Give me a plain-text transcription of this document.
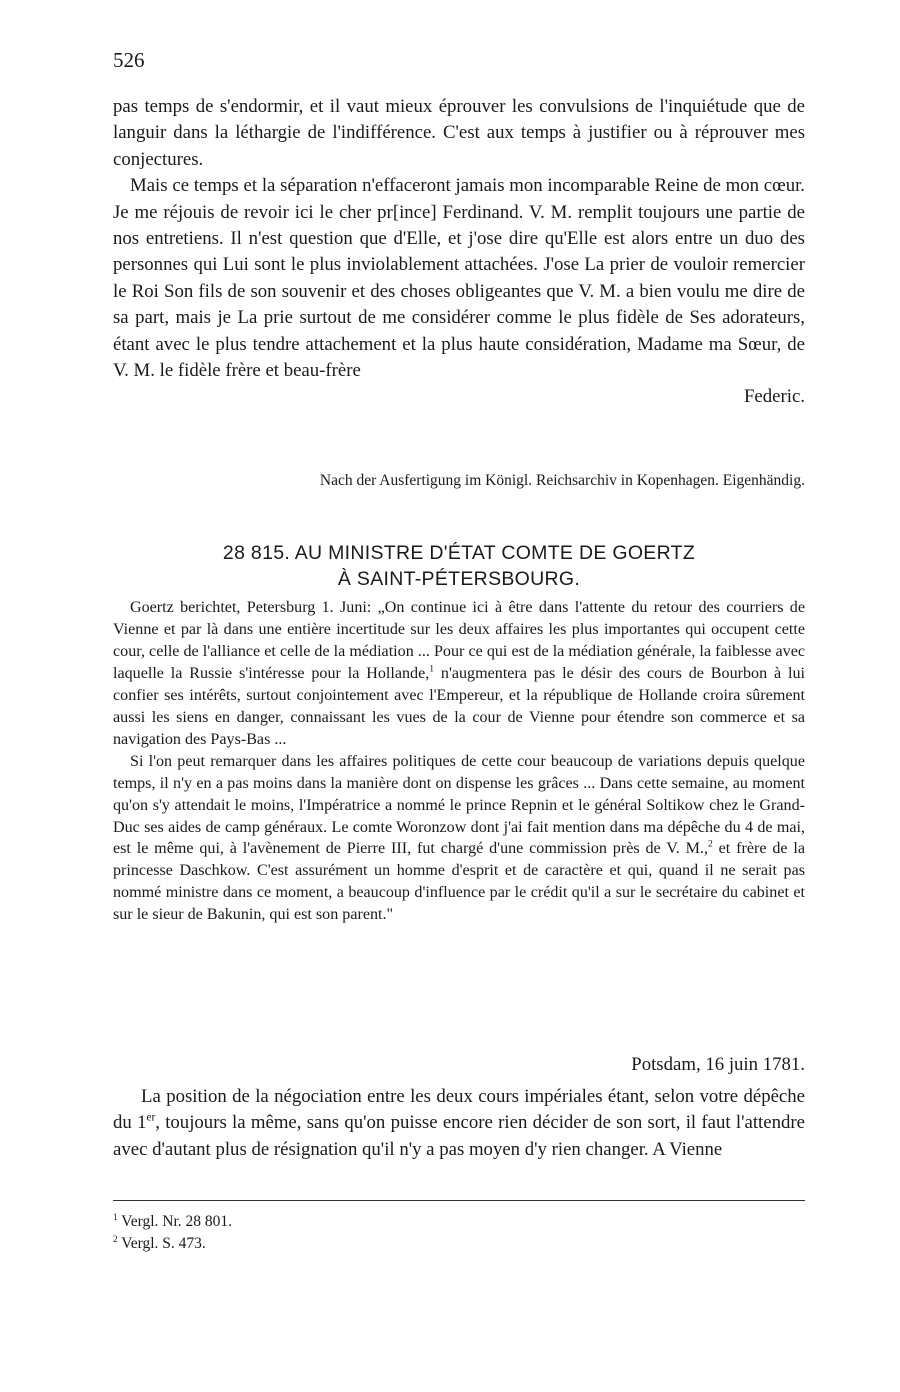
526

pas temps de s'endormir, et il vaut mieux éprouver les convulsions de l'inquiétude que de languir dans la léthargie de l'indifférence. C'est aux temps à justifier ou à réprouver mes conjectures.

Mais ce temps et la séparation n'effaceront jamais mon incomparable Reine de mon cœur. Je me réjouis de revoir ici le cher pr[ince] Ferdinand. V. M. remplit toujours une partie de nos entretiens. Il n'est question que d'Elle, et j'ose dire qu'Elle est alors entre un duo des personnes qui Lui sont le plus inviolablement attachées. J'ose La prier de vouloir remercier le Roi Son fils de son souvenir et des choses obligeantes que V. M. a bien voulu me dire de sa part, mais je La prie surtout de me considérer comme le plus fidèle de Ses adorateurs, étant avec le plus tendre attachement et la plus haute considération, Madame ma Sœur, de V. M. le fidèle frère et beau-frère

Federic.
Nach der Ausfertigung im Königl. Reichsarchiv in Kopenhagen. Eigenhändig.
28 815. AU MINISTRE D'ÉTAT COMTE DE GOERTZ
À SAINT-PÉTERSBOURG.

Goertz berichtet, Petersburg 1. Juni: „On continue ici à être dans l'attente du retour des courriers de Vienne et par là dans une entière incertitude sur les deux affaires les plus importantes qui occupent cette cour, celle de l'alliance et celle de la médiation ... Pour ce qui est de la médiation générale, la faiblesse avec laquelle la Russie s'intéresse pour la Hollande,$^1$ n'augmentera pas le désir des cours de Bourbon à lui confier ses intérêts, surtout conjointement avec l'Empereur, et la république de Hollande croira sûrement aussi les siens en danger, connaissant les vues de la cour de Vienne pour étendre son commerce et sa navigation des Pays-Bas ...

Si l'on peut remarquer dans les affaires politiques de cette cour beaucoup de variations depuis quelque temps, il n'y en a pas moins dans la manière dont on dispense les grâces ... Dans cette semaine, au moment qu'on s'y attendait le moins, l'Impératrice a nommé le prince Repnin et le général Soltikow chez le Grand-Duc ses aides de camp généraux. Le comte Woronzow dont j'ai fait mention dans ma dépêche du 4 de mai, est le même qui, à l'avènement de Pierre III, fut chargé d'une commission près de V. M.,$^2$ et frère de la princesse Daschkow. C'est assurément un homme d'esprit et de caractère et qui, quand il ne serait pas nommé ministre dans ce moment, a beaucoup d'influence par le crédit qu'il a sur le secrétaire du cabinet et sur le sieur de Bakunin, qui est son parent."

Potsdam, 16 juin 1781.

La position de la négociation entre les deux cours impériales étant, selon votre dépêche du 1er, toujours la même, sans qu'on puisse encore rien décider de son sort, il faut l'attendre avec d'autant plus de résignation qu'il n'y a pas moyen d'y rien changer. A Vienne

$^1$ Vergl. Nr. 28 801.
$^2$ Vergl. S. 473.
